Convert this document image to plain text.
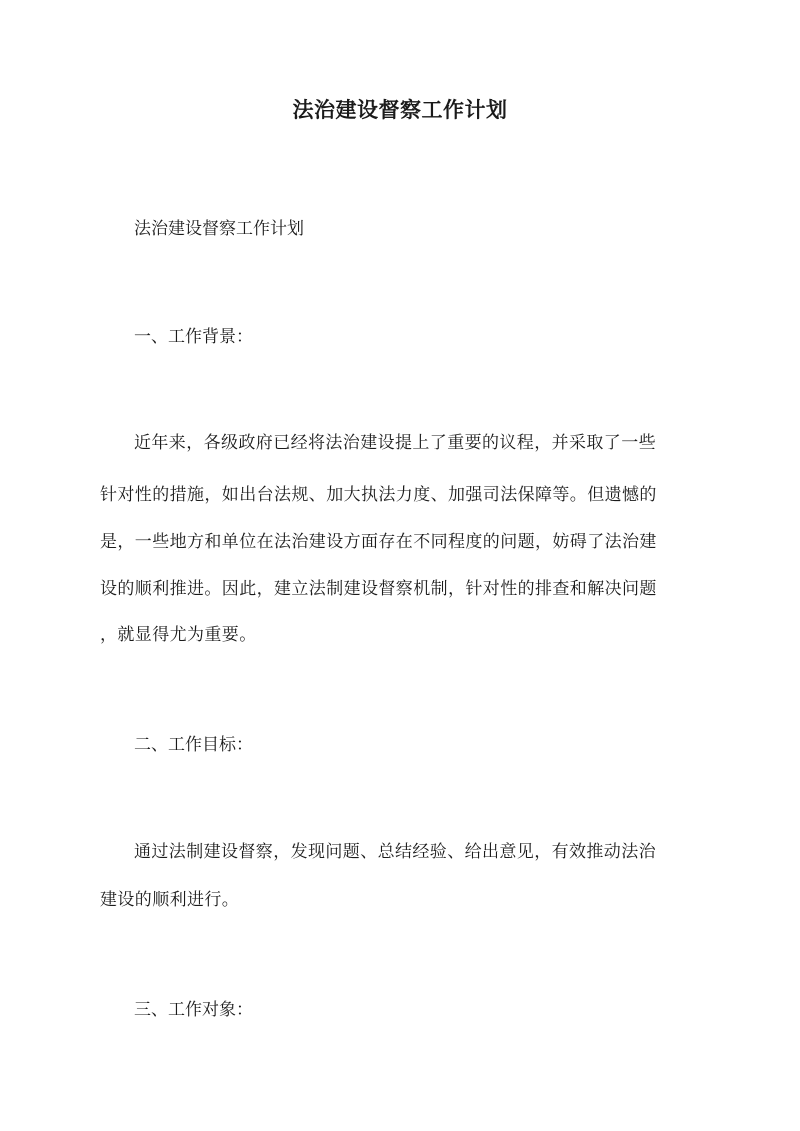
法治建设督察工作计划

法治建设督察工作计划

一、工作背景：

近年来，各级政府已经将法治建设提上了重要的议程，并采取了一些

针对性的措施，如出台法规、加大执法力度、加强司法保障等。但遗憾的

是，一些地方和单位在法治建设方面存在不同程度的问题，妨碍了法治建

设的顺利推进。因此，建立法制建设督察机制，针对性的排查和解决问题

，就显得尤为重要。

二、工作目标：

通过法制建设督察，发现问题、总结经验、给出意见，有效推动法治

建设的顺利进行。

三、工作对象：
